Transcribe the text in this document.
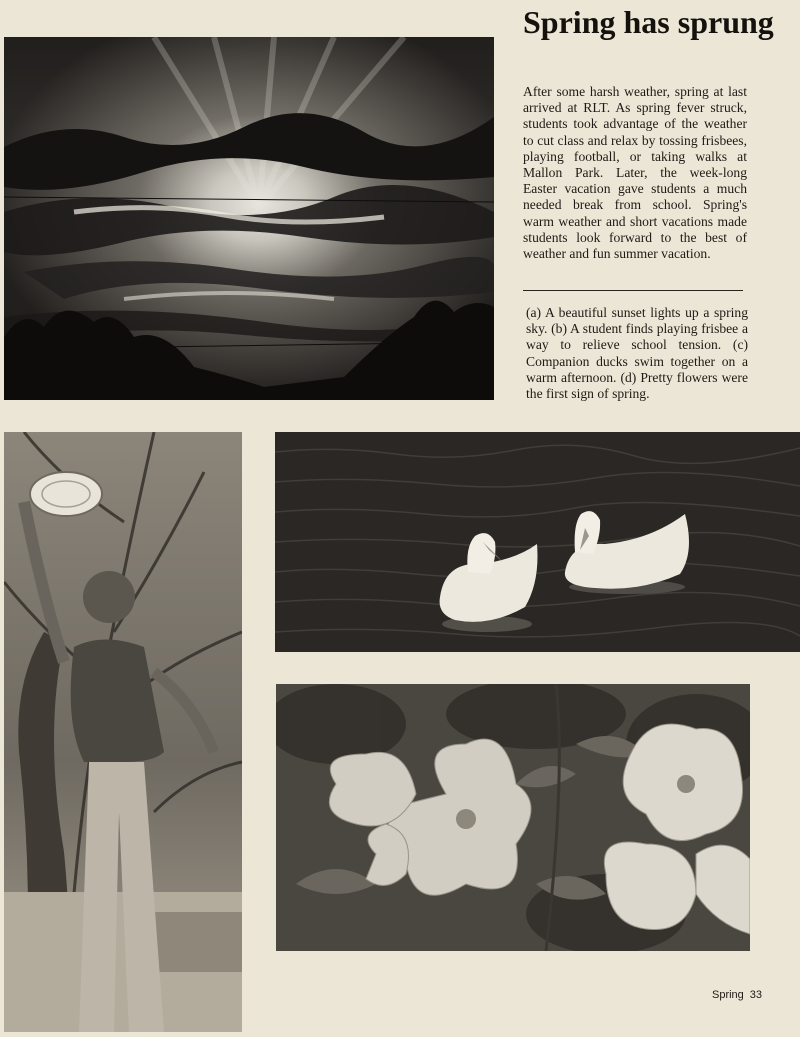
Spring has sprung

After some harsh weather, spring at last arrived at RLT. As spring fever struck, students took advantage of the weather to cut class and relax by tossing frisbees, playing football, or taking walks at Mallon Park. Later, the week-long Easter vacation gave students a much needed break from school. Spring's warm weather and short vacations made students look forward to the best of weather and fun summer vacation.

(a) A beautiful sunset lights up a spring sky. (b) A student finds playing frisbee a way to relieve school tension. (c) Companion ducks swim together on a warm afternoon. (d) Pretty flowers were the first sign of spring.

Spring 33
